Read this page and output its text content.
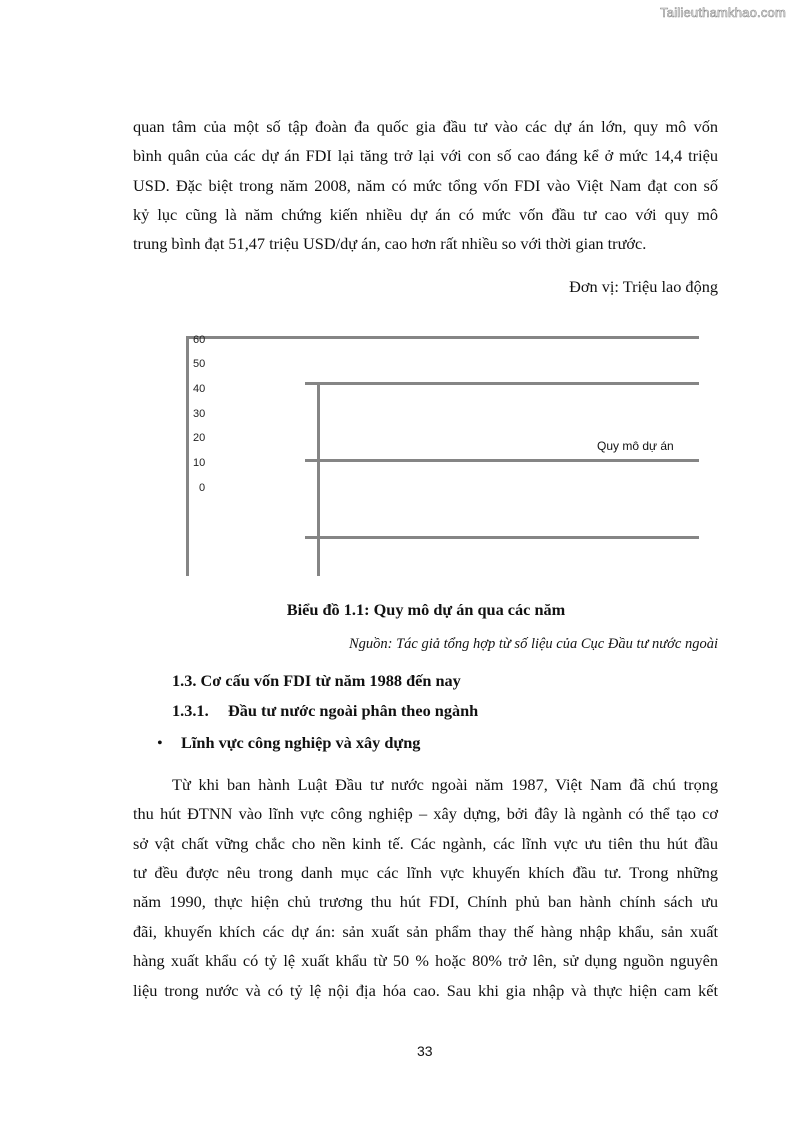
Tailieuthamkhao.com
quan tâm của một số tập đoàn đa quốc gia đầu tư vào các dự án lớn, quy mô vốn
bình quân của các dự án FDI lại tăng trở lại với con số cao đáng kể ở mức 14,4 triệu
USD. Đặc biệt trong năm 2008, năm có mức tổng vốn FDI vào Việt Nam đạt con số
kỷ lục cũng là năm chứng kiến nhiều dự án có mức vốn đầu tư cao với quy mô
trung bình đạt 51,47 triệu USD/dự án, cao hơn rất nhiều so với thời gian trước.
Đơn vị: Triệu lao động
60
50
40
30
20
10
0
Quy mô dự án
Biểu đồ 1.1: Quy mô dự án qua các năm
Nguồn: Tác giả tổng hợp từ số liệu của Cục Đầu tư nước ngoài
1.3. Cơ cấu vốn FDI từ năm 1988 đến nay
1.3.1. Đầu tư nước ngoài phân theo ngành
• Lĩnh vực công nghiệp và xây dựng
Từ khi ban hành Luật Đầu tư nước ngoài năm 1987, Việt Nam đã chú trọng
thu hút ĐTNN vào lĩnh vực công nghiệp – xây dựng, bởi đây là ngành có thể tạo cơ
sở vật chất vững chắc cho nền kinh tế. Các ngành, các lĩnh vực ưu tiên thu hút đầu
tư đều được nêu trong danh mục các lĩnh vực khuyến khích đầu tư. Trong những
năm 1990, thực hiện chủ trương thu hút FDI, Chính phủ ban hành chính sách ưu
đãi, khuyến khích các dự án: sản xuất sản phẩm thay thế hàng nhập khẩu, sản xuất
hàng xuất khẩu có tỷ lệ xuất khẩu từ 50 % hoặc 80% trở lên, sử dụng nguồn nguyên
liệu trong nước và có tỷ lệ nội địa hóa cao. Sau khi gia nhập và thực hiện cam kết
33
